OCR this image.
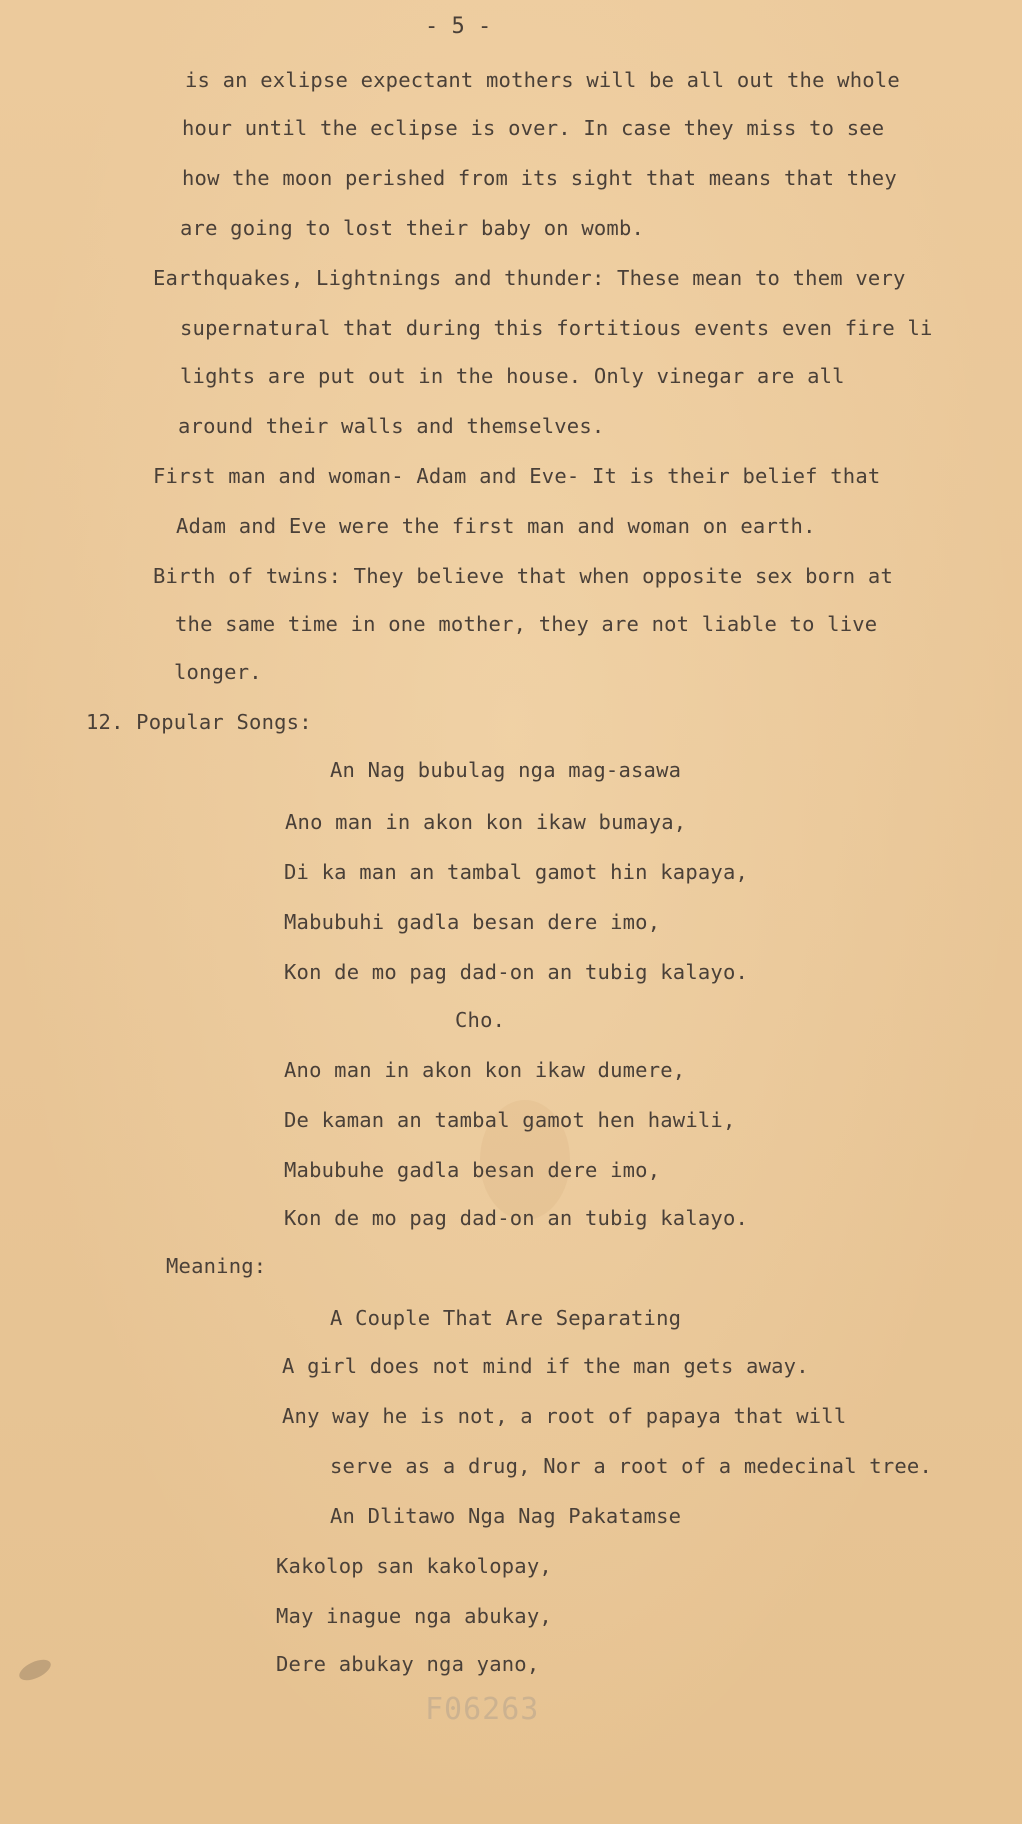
- 5 -
is an exlipse expectant mothers will be all out the whole
hour until the eclipse is over. In case they miss to see
how the moon perished from its sight that means that they
are going to lost their baby on womb.
Earthquakes, Lightnings and thunder: These mean to them very
supernatural that during this fortitious events even fire li
lights are put out in the house. Only vinegar are all
around their walls and themselves.
First man and woman- Adam and Eve- It is their belief that
Adam and Eve were the first man and woman on earth.
Birth of twins: They believe that when opposite sex born at
the same time in one mother, they are not liable to live
longer.
12. Popular Songs:
An Nag bubulag nga mag-asawa
Ano man in akon kon ikaw bumaya,
Di ka man an tambal gamot hin kapaya,
Mabubuhi gadla besan dere imo,
Kon de mo pag dad-on an tubig kalayo.
Cho.
Ano man in akon kon ikaw dumere,
De kaman an tambal gamot hen hawili,
Mabubuhe gadla besan dere imo,
Kon de mo pag dad-on an tubig kalayo.
Meaning:
A Couple That Are Separating
A girl does not mind if the man gets away.
Any way he is not, a root of papaya that will
serve as a drug, Nor a root of a medecinal tree.
An Dlitawo Nga Nag Pakatamse
Kakolop san kakolopay,
May inague nga abukay,
Dere abukay nga yano,
F06263
